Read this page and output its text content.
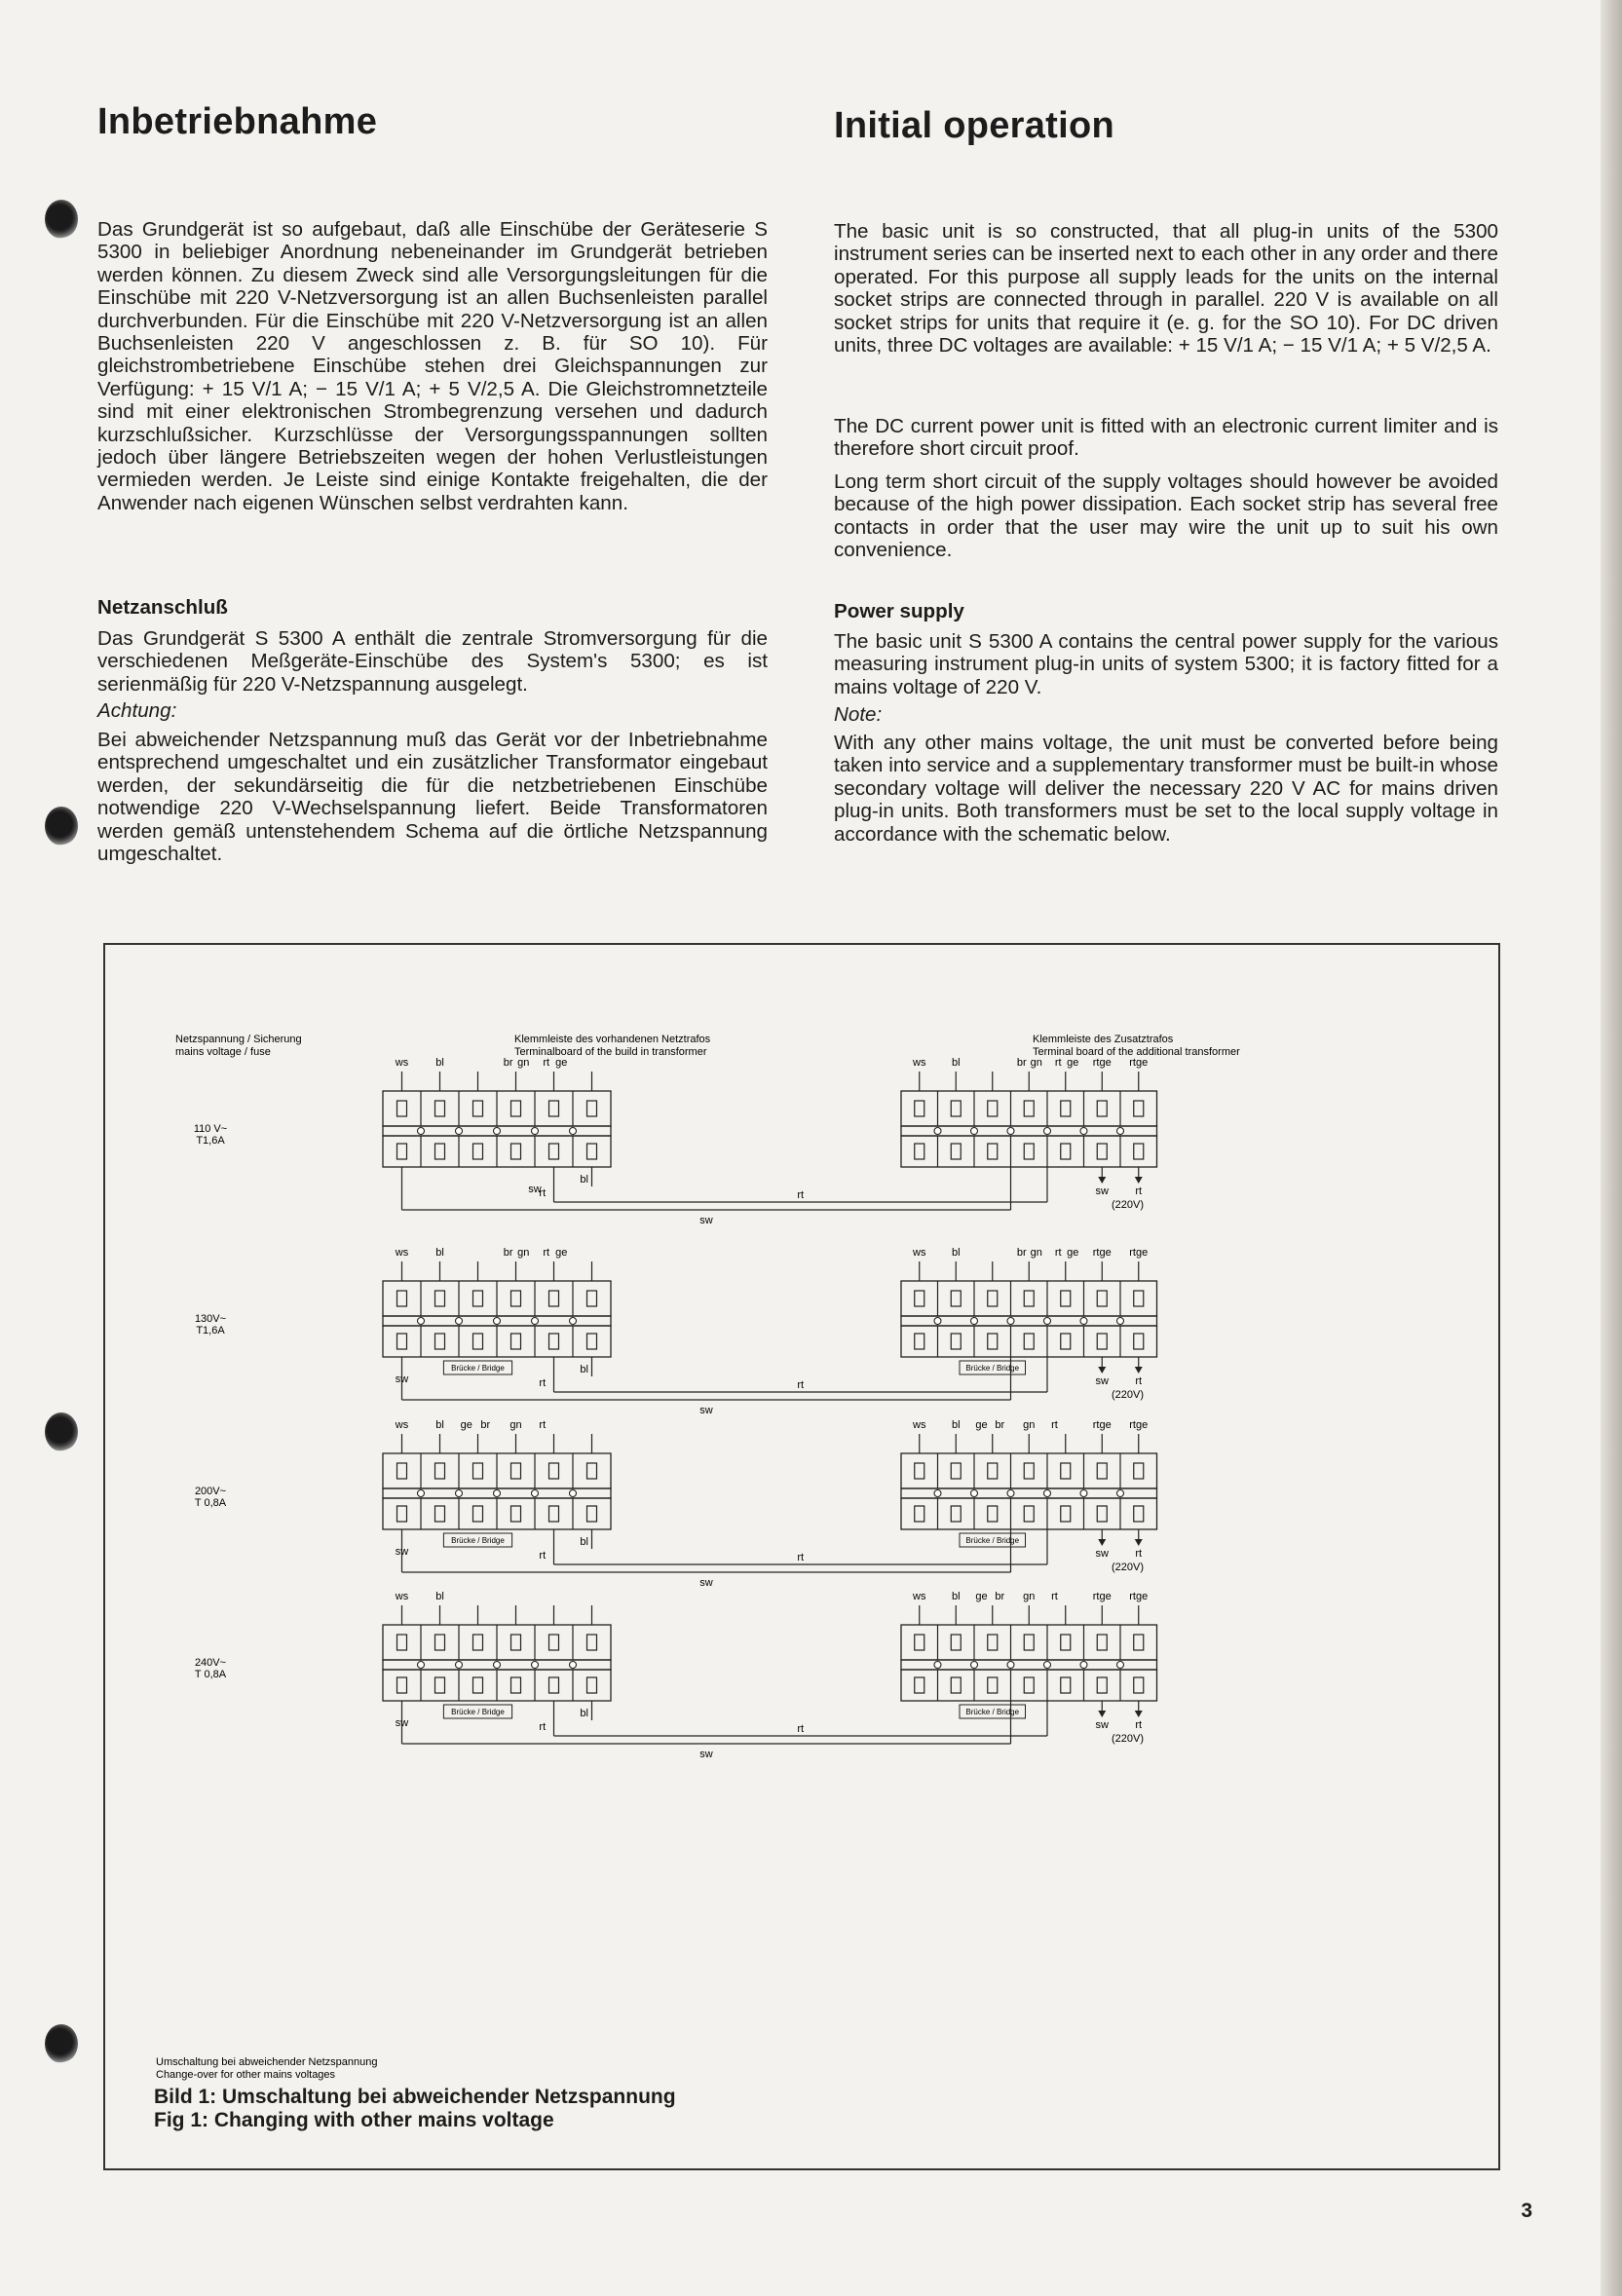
Inbetriebnahme

Das Grundgerät ist so aufgebaut, daß alle Einschübe der Geräteserie S 5300 in beliebiger Anordnung nebeneinander im Grundgerät betrieben werden können. Zu diesem Zweck sind alle Versorgungsleitungen für die Einschübe mit 220 V-Netzversorgung ist an allen Buchsenleisten parallel durchverbunden. Für die Einschübe mit 220 V-Netzversorgung ist an allen Buchsenleisten 220 V angeschlossen z. B. für SO 10). Für gleichstrombetriebene Einschübe stehen drei Gleichspannungen zur Verfügung: + 15 V/1 A; − 15 V/1 A; + 5 V/2,5 A. Die Gleichstromnetzteile sind mit einer elektronischen Strombegrenzung versehen und dadurch kurzschlußsicher. Kurzschlüsse der Versorgungsspannungen sollten jedoch über längere Betriebszeiten wegen der hohen Verlustleistungen vermieden werden. Je Leiste sind einige Kontakte freigehalten, die der Anwender nach eigenen Wünschen selbst verdrahten kann.

Netzanschluß

Das Grundgerät S 5300 A enthält die zentrale Stromversorgung für die verschiedenen Meßgeräte-Einschübe des System's 5300; es ist serienmäßig für 220 V-Netzspannung ausgelegt.

Achtung:

Bei abweichender Netzspannung muß das Gerät vor der Inbetriebnahme entsprechend umgeschaltet und ein zusätzlicher Transformator eingebaut werden, der sekundärseitig die für die netzbetriebenen Einschübe notwendige 220 V-Wechselspannung liefert. Beide Transformatoren werden gemäß untenstehendem Schema auf die örtliche Netzspannung umgeschaltet.

Initial operation

The basic unit is so constructed, that all plug-in units of the 5300 instrument series can be inserted next to each other in any order and there operated. For this purpose all supply leads for the units on the internal socket strips are connected through in parallel. 220 V is available on all socket strips for units that require it (e. g. for the SO 10). For DC driven units, three DC voltages are available: + 15 V/1 A; − 15 V/1 A; + 5 V/2,5 A.

The DC current power unit is fitted with an electronic current limiter and is therefore short circuit proof.

Long term short circuit of the supply voltages should however be avoided because of the high power dissipation. Each socket strip has several free contacts in order that the user may wire the unit up to suit his own convenience.

Power supply

The basic unit S 5300 A contains the central power supply for the various measuring instrument plug-in units of system 5300; it is factory fitted for a mains voltage of 220 V.

Note:

With any other mains voltage, the unit must be converted before being taken into service and a supplementary transformer must be built-in whose secondary voltage will deliver the necessary 220 V AC for mains driven plug-in units. Both transformers must be set to the local supply voltage in accordance with the schematic below.

Netzspannung / Sicherung
mains voltage / fuse
Klemmleiste des vorhandenen Netztrafos
Terminalboard of the build in transformer
Klemmleiste des Zusatztrafos
Terminal board of the additional transformer
110 V~
T1,6A
ws	bl	br gn rt ge	ws bl	br gn rt ge rtge rtge
sw
rt
bl
rt
sw
sw rt
(220V)
130V~
T1,6A
ws	bl	br gn rt ge	ws bl	br gn rt ge rtge rtge
Brücke / Bridge	Brücke / Bridge
sw	rt
bl
rt
sw
sw rt
(220V)
200V~
T 0,8A
ws	bl ge br gn rt	ws bl ge br gn rt	rtge rtge
Brücke / Bridge	Brücke / Bridge
sw	rt
bl
rt
sw
sw rt
(220V)
240V~
T 0,8A
ws	bl	ws bl ge br gn rt	rtge rtge
Brücke / Bridge	Brücke / Bridge
sw	rt
bl
rt
sw
sw rt
(220V)
Umschaltung bei abweichender Netzspannung
Change-over for other mains voltages

Bild 1: Umschaltung bei abweichender Netzspannung
Fig 1: Changing with other mains voltage

3
